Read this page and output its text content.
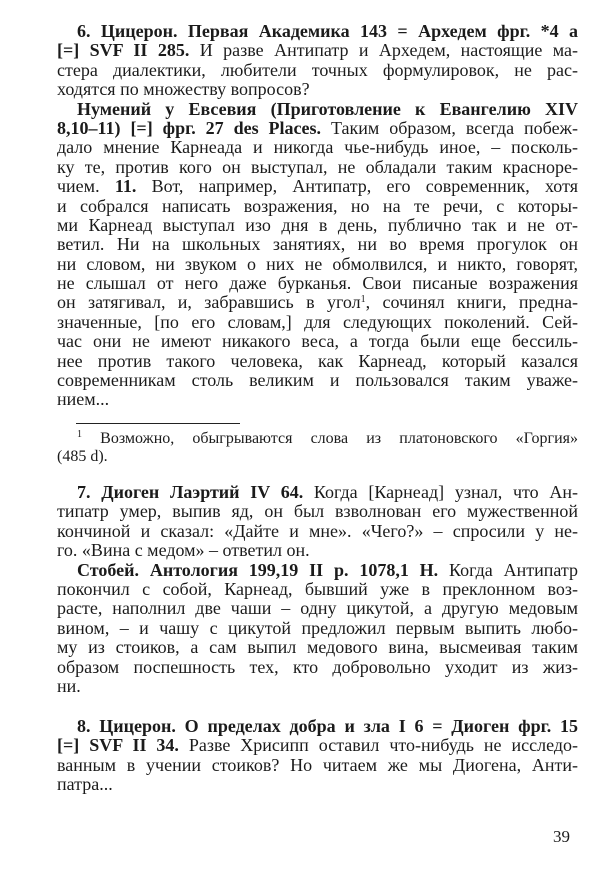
6. Цицерон. Первая Академика 143 = Архедем фрг. *4 а
[=] SVF II 285. И разве Антипатр и Архедем, настоящие ма-
стера диалектики, любители точных формулировок, не рас-
ходятся по множеству вопросов?
Нумений у Евсевия (Приготовление к Евангелию XIV
8,10–11) [=] фрг. 27 des Places. Таким образом, всегда побеж-
дало мнение Карнеада и никогда чье-нибудь иное, – посколь-
ку те, против кого он выступал, не обладали таким красноре-
чием. 11. Вот, например, Антипатр, его современник, хотя
и собрался написать возражения, но на те речи, с которы-
ми Карнеад выступал изо дня в день, публично так и не от-
ветил. Ни на школьных занятиях, ни во время прогулок он
ни словом, ни звуком о них не обмолвился, и никто, говорят,
не слышал от него даже бурканья. Свои писаные возражения
он затягивал, и, забравшись в угол$^1$, сочинял книги, предна-
значенные, [по его словам,] для следующих поколений. Сей-
час они не имеют никакого веса, а тогда были еще бессиль-
нее против такого человека, как Карнеад, который казался
современникам столь великим и пользовался таким уваже-
нием...
$^1$ Возможно, обыгрываются слова из платоновского «Горгия»
(485 d).
7. Диоген Лаэртий IV 64. Когда [Карнеад] узнал, что Ан-
типатр умер, выпив яд, он был взволнован его мужественной
кончиной и сказал: «Дайте и мне». «Чего?» – спросили у не-
го. «Вина с медом» – ответил он.
Стобей. Антология 199,19 II p. 1078,1 H. Когда Антипатр
покончил с собой, Карнеад, бывший уже в преклонном воз-
расте, наполнил две чаши – одну цикутой, а другую медовым
вином, – и чашу с цикутой предложил первым выпить любо-
му из стоиков, а сам выпил медового вина, высмеивая таким
образом поспешность тех, кто добровольно уходит из жиз-
ни.
8. Цицерон. О пределах добра и зла I 6 = Диоген фрг. 15
[=] SVF II 34. Разве Хрисипп оставил что-нибудь не исследо-
ванным в учении стоиков? Но читаем же мы Диогена, Анти-
патра...
39
